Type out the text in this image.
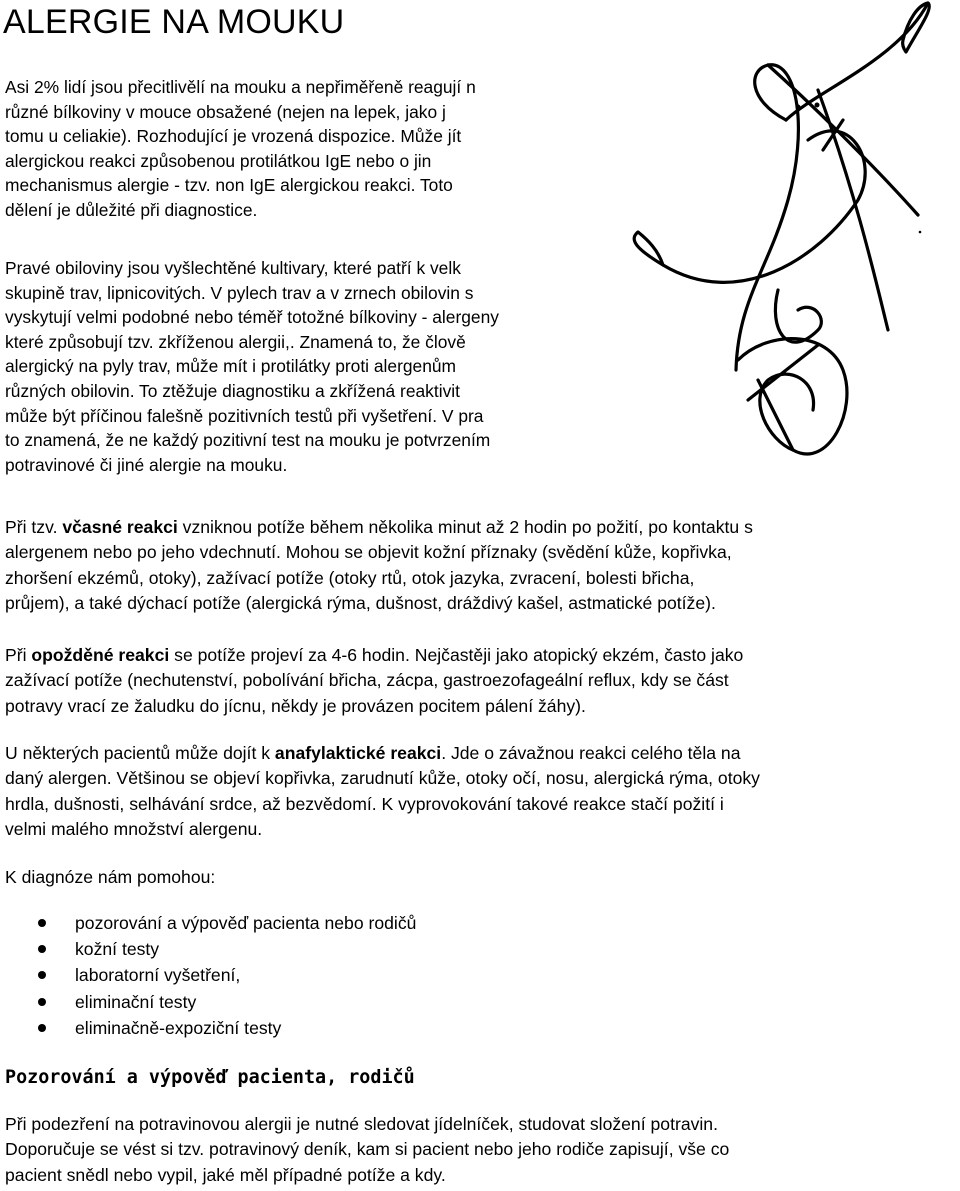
ALERGIE NA MOUKU

Asi 2% lidí jsou přecitlivělí na mouku a nepřiměřeně reagují n

různé bílkoviny v mouce obsažené (nejen na lepek, jako j

tomu u celiakie). Rozhodující je vrozená dispozice. Může jít

alergickou reakci způsobenou protilátkou IgE nebo o jin

mechanismus alergie - tzv. non IgE alergickou reakci. Toto

dělení je důležité při diagnostice.

Pravé obiloviny jsou vyšlechtěné kultivary, které patří k velk

skupině trav, lipnicovitých. V pylech trav a v zrnech obilovin s

vyskytují velmi podobné nebo téměř totožné bílkoviny - alergeny

které způsobují tzv. zkříženou alergii,. Znamená to, že člově

alergický na pyly trav, může mít i protilátky proti alergenům

různých obilovin. To ztěžuje diagnostiku a zkřížená reaktivit

může být příčinou falešně pozitivních testů při vyšetření. V pra

to znamená, že ne každý pozitivní test na mouku je potvrzením

potravinové či jiné alergie na mouku.

Při tzv. včasné reakci vzniknou potíže během několika minut až 2 hodin po požití, po kontaktu s

alergenem nebo po jeho vdechnutí. Mohou se objevit kožní příznaky (svědění kůže, kopřivka,

zhoršení ekzémů, otoky), zažívací potíže (otoky rtů, otok jazyka, zvracení, bolesti břicha,

průjem), a také dýchací potíže (alergická rýma, dušnost, dráždivý kašel, astmatické potíže).

Při opožděné reakci se potíže projeví za 4-6 hodin. Nejčastěji jako atopický ekzém, často jako

zažívací potíže (nechutenství, pobolívání břicha, zácpa, gastroezofageální reflux, kdy se část

potravy vrací ze žaludku do jícnu, někdy je provázen pocitem pálení žáhy).

U některých pacientů může dojít k anafylaktické reakci. Jde o závažnou reakci celého těla na

daný alergen. Většinou se objeví kopřivka, zarudnutí kůže, otoky očí, nosu, alergická rýma, otoky

hrdla, dušnosti, selhávání srdce, až bezvědomí. K vyprovokování takové reakce stačí požití i

velmi malého množství alergenu.

K diagnóze nám pomohou:

pozorování a výpověď pacienta nebo rodičů
kožní testy
laboratorní vyšetření,
eliminační testy
eliminačně-expoziční testy
Pozorování a výpověď pacienta, rodičů

Při podezření na potravinovou alergii je nutné sledovat jídelníček, studovat složení potravin.

Doporučuje se vést si tzv. potravinový deník, kam si pacient nebo jeho rodiče zapisují, vše co

pacient snědl nebo vypil, jaké měl případné potíže a kdy.
